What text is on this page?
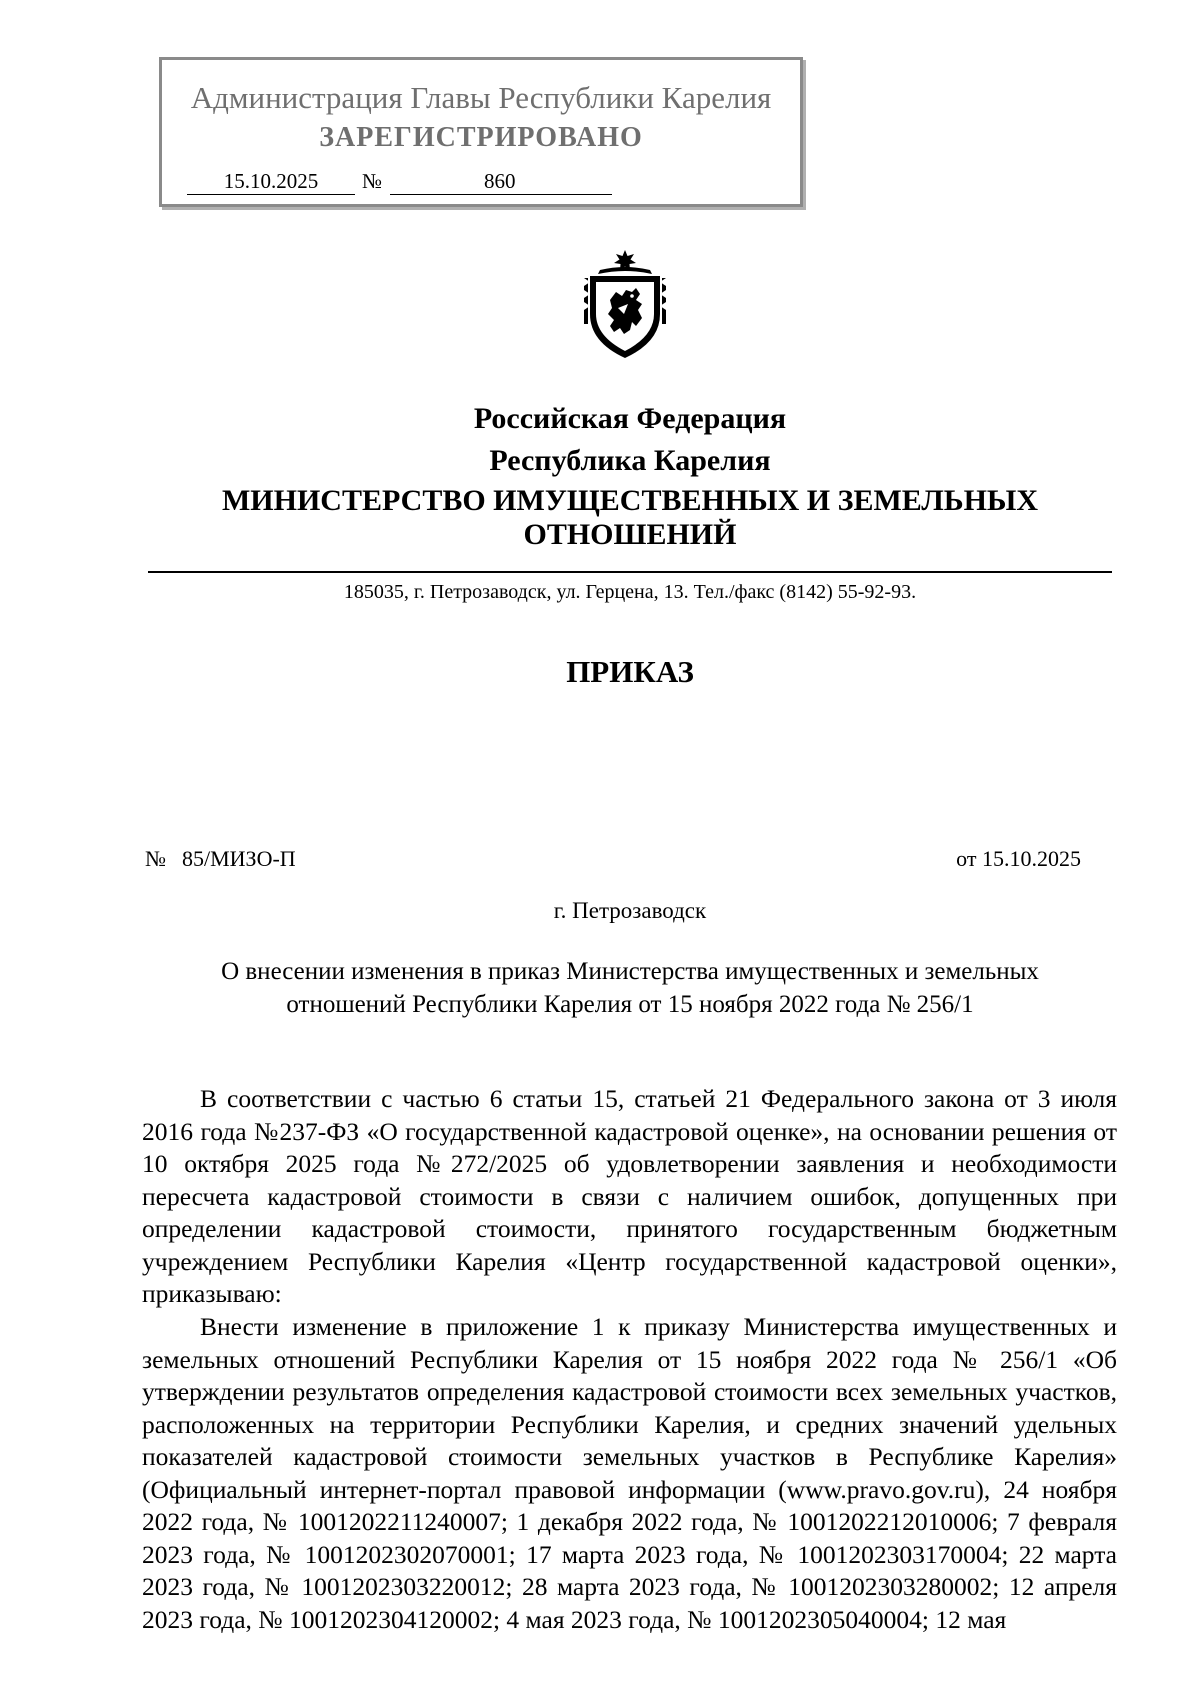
Администрация Главы Республики Карелия
ЗАРЕГИСТРИРОВАНО
15.10.2025	№	860
Российская Федерация
Республика Карелия
МИНИСТЕРСТВО ИМУЩЕСТВЕННЫХ И ЗЕМЕЛЬНЫХ
ОТНОШЕНИЙ
185035, г. Петрозаводск, ул. Герцена, 13. Тел./факс (8142) 55-92-93.
ПРИКАЗ
№ 85/МИЗО-П	от 15.10.2025
г. Петрозаводск
О внесении изменения в приказ Министерства имущественных и земельных
отношений Республики Карелия от 15 ноября 2022 года № 256/1

В соответствии с частью 6 статьи 15, статьей 21 Федерального закона от 3 июля 2016 года №237-ФЗ «О государственной кадастровой оценке», на основании решения от 10 октября 2025 года №272/2025 об удовлетворении заявления и необходимости пересчета кадастровой стоимости в связи с наличием ошибок, допущенных при определении кадастровой стоимости, принятого государственным бюджетным учреждением Республики Карелия «Центр государственной кадастровой оценки», приказываю:

Внести изменение в приложение 1 к приказу Министерства имущественных и земельных отношений Республики Карелия от 15 ноября 2022 года № 256/1 «Об утверждении результатов определения кадастровой стоимости всех земельных участков, расположенных на территории Республики Карелия, и средних значений удельных показателей кадастровой стоимости земельных участков в Республике Карелия» (Официальный интернет-портал правовой информации (www.pravo.gov.ru), 24 ноября 2022 года, № 1001202211240007; 1 декабря 2022 года, № 1001202212010006; 7 февраля 2023 года, № 1001202302070001; 17 марта 2023 года, № 1001202303170004; 22 марта 2023 года, № 1001202303220012; 28 марта 2023 года, № 1001202303280002; 12 апреля 2023 года, № 1001202304120002; 4 мая 2023 года, № 1001202305040004; 12 мая
